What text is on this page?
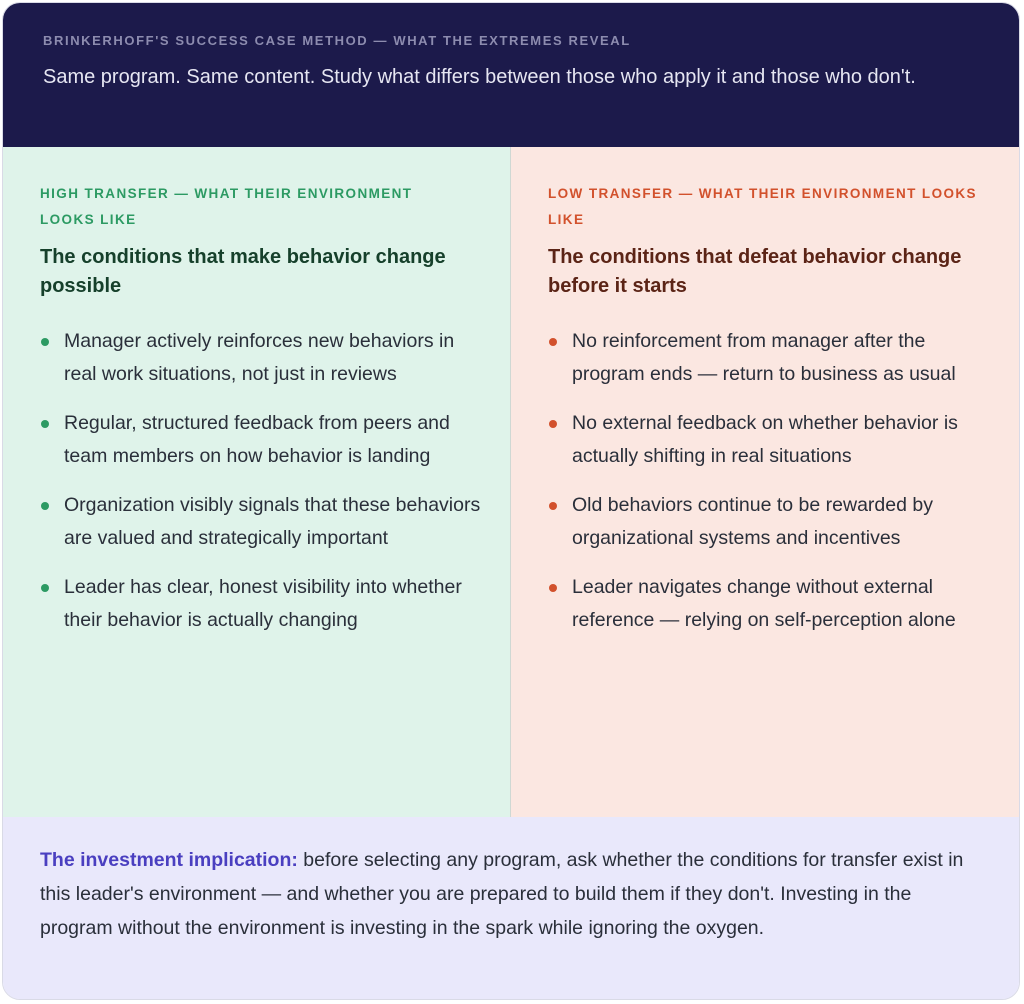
BRINKERHOFF'S SUCCESS CASE METHOD — WHAT THE EXTREMES REVEAL
Same program. Same content. Study what differs between those who apply it and those who don't.
HIGH TRANSFER — WHAT THEIR ENVIRONMENT LOOKS LIKE
The conditions that make behavior change possible
Manager actively reinforces new behaviors in real work situations, not just in reviews
Regular, structured feedback from peers and team members on how behavior is landing
Organization visibly signals that these behaviors are valued and strategically important
Leader has clear, honest visibility into whether their behavior is actually changing
LOW TRANSFER — WHAT THEIR ENVIRONMENT LOOKS LIKE
The conditions that defeat behavior change before it starts
No reinforcement from manager after the program ends — return to business as usual
No external feedback on whether behavior is actually shifting in real situations
Old behaviors continue to be rewarded by organizational systems and incentives
Leader navigates change without external reference — relying on self-perception alone
The investment implication: before selecting any program, ask whether the conditions for transfer exist in this leader's environment — and whether you are prepared to build them if they don't. Investing in the program without the environment is investing in the spark while ignoring the oxygen.
